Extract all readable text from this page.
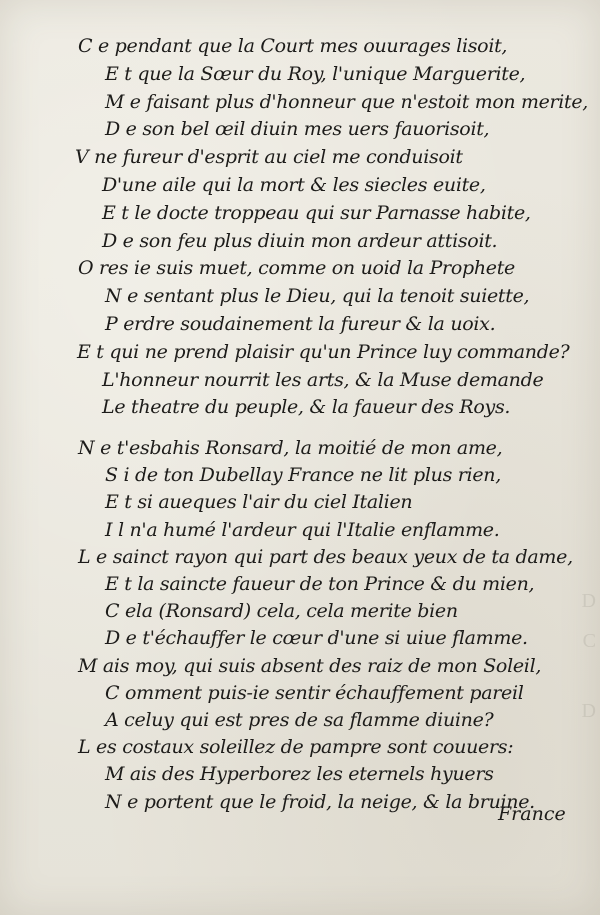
C e pendant que la Court mes ouurages lisoit,
E t que la Sœur du Roy, l'unique Marguerite,
M e faisant plus d'honneur que n'estoit mon merite,
D e son bel œil diuin mes uers fauorisoit,
V ne fureur d'esprit au ciel me conduisoit
D'une aile qui la mort & les siecles euite,
E t le docte troppeau qui sur Parnasse habite,
D e son feu plus diuin mon ardeur attisoit.
O res ie suis muet, comme on uoid la Prophete
N e sentant plus le Dieu, qui la tenoit suiette,
P erdre soudainement la fureur & la uoix.
E t qui ne prend plaisir qu'un Prince luy commande?
L'honneur nourrit les arts, & la Muse demande
Le theatre du peuple, & la faueur des Roys.
N e t'esbahis Ronsard, la moitié de mon ame,
S i de ton Dubellay France ne lit plus rien,
E t si aueques l'air du ciel Italien
I l n'a humé l'ardeur qui l'Italie enflamme.
L e sainct rayon qui part des beaux yeux de ta dame,
E t la saincte faueur de ton Prince & du mien,
C ela (Ronsard) cela, cela merite bien
D e t'échauffer le cœur d'une si uiue flamme.
M ais moy, qui suis absent des raiz de mon Soleil,
C omment puis-ie sentir échauffement pareil
A celuy qui est pres de sa flamme diuine?
L es costaux soleillez de pampre sont couuers:
M ais des Hyperborez les eternels hyuers
N e portent que le froid, la neige, & la bruine.
France
D
C
D
